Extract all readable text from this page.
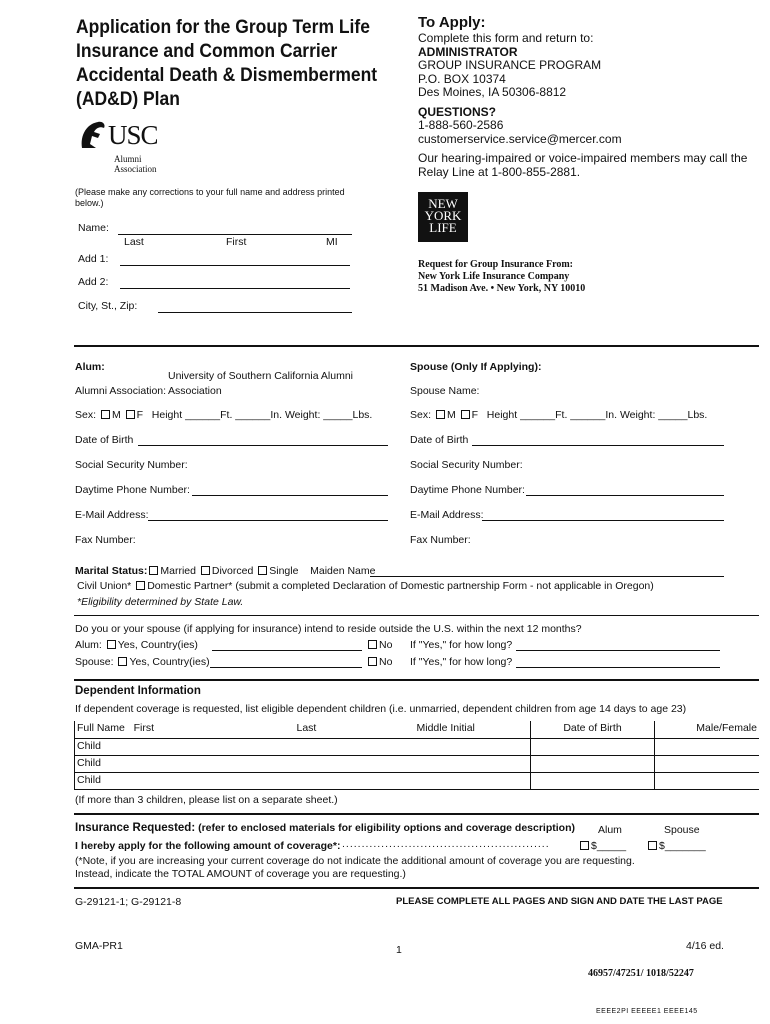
Application for the Group Term Life Insurance and Common Carrier Accidental Death & Dismemberment (AD&D) Plan
To Apply:
Complete this form and return to:
ADMINISTRATOR
GROUP INSURANCE PROGRAM
P.O. BOX 10374
Des Moines, IA 50306-8812
QUESTIONS?
1-888-560-2586
customerservice.service@mercer.com
Our hearing-impaired or voice-impaired members may call the Relay Line at 1-800-855-2881.
USC
Alumni
Association
(Please make any corrections to your full name and address printed below.)
Name:
Last	First	MI
Add 1:
Add 2:
City, St., Zip:
NEW
YORK
LIFE
Request for Group Insurance From:
New York Life Insurance Company
51 Madison Ave. • New York, NY 10010
Alum:
University of Southern California Alumni
Alumni Association: Association
Sex: M F Height ______Ft. ______In. Weight: _____Lbs.
Date of Birth
Social Security Number:
Daytime Phone Number:
E-Mail Address:
Fax Number:
Spouse (Only If Applying):
Spouse Name:
Sex: M F Height ______Ft. ______In. Weight: _____Lbs.
Date of Birth
Social Security Number:
Daytime Phone Number:
E-Mail Address:
Fax Number:
Marital Status: Married Divorced Single Maiden Name
Civil Union* Domestic Partner* (submit a completed Declaration of Domestic partnership Form - not applicable in Oregon)
*Eligibility determined by State Law.
Do you or your spouse (if applying for insurance) intend to reside outside the U.S. within the next 12 months?
Alum: Yes, Country(ies)	No If "Yes," for how long?
Spouse: Yes, Country(ies)	No If "Yes," for how long?
Dependent Information
If dependent coverage is requested, list eligible dependent children (i.e. unmarried, dependent children from age 14 days to age 23)
Full Name First Last Middle Initial	Date of Birth	Male/Female
Child		
Child		
Child		
(If more than 3 children, please list on a separate sheet.)
Insurance Requested: (refer to enclosed materials for eligibility options and coverage description) Alum	Spouse
I hereby apply for the following amount of coverage*: .....................................................	$_____	$_______
(*Note, if you are increasing your current coverage do not indicate the additional amount of coverage you are requesting.
Instead, indicate the TOTAL AMOUNT of coverage you are requesting.)
G-29121-1; G-29121-8	PLEASE COMPLETE ALL PAGES AND SIGN AND DATE THE LAST PAGE
GMA-PR1	1	4/16 ed.
46957/47251/ 1018/52247
EEEE2PI EEEEE1 EEEE145
